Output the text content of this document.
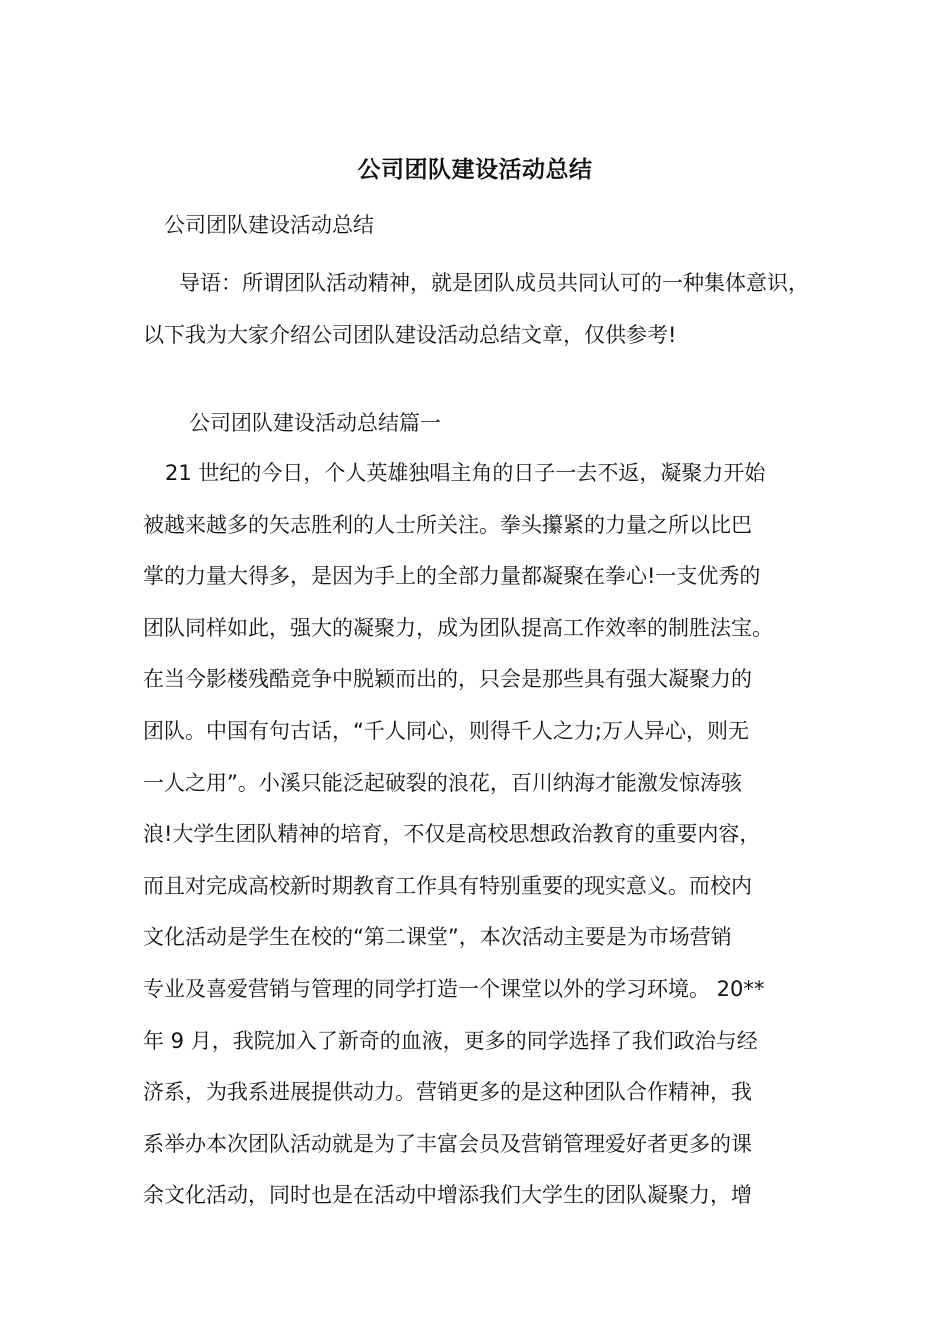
公司团队建设活动总结
公司团队建设活动总结

导语：所谓团队活动精神，就是团队成员共同认可的一种集体意识，以下我为大家介绍公司团队建设活动总结文章，仅供参考!

公司团队建设活动总结篇一

21 世纪的今日，个人英雄独唱主角的日子一去不返，凝聚力开始
被越来越多的矢志胜利的人士所关注。拳头攥紧的力量之所以比巴
掌的力量大得多，是因为手上的全部力量都凝聚在拳心!一支优秀的
团队同样如此，强大的凝聚力，成为团队提高工作效率的制胜法宝。
在当今影楼残酷竞争中脱颖而出的，只会是那些具有强大凝聚力的
团队。中国有句古话，“千人同心，则得千人之力;万人异心，则无
一人之用”。小溪只能泛起破裂的浪花，百川纳海才能激发惊涛骇
浪!大学生团队精神的培育，不仅是高校思想政治教育的重要内容，
而且对完成高校新时期教育工作具有特别重要的现实意义。而校内
文化活动是学生在校的“第二课堂”，本次活动主要是为市场营销
专业及喜爱营销与管理的同学打造一个课堂以外的学习环境。 20**
年 9 月，我院加入了新奇的血液，更多的同学选择了我们政治与经
济系，为我系进展提供动力。营销更多的是这种团队合作精神，我
系举办本次团队活动就是为了丰富会员及营销管理爱好者更多的课
余文化活动，同时也是在活动中增添我们大学生的团队凝聚力，增
